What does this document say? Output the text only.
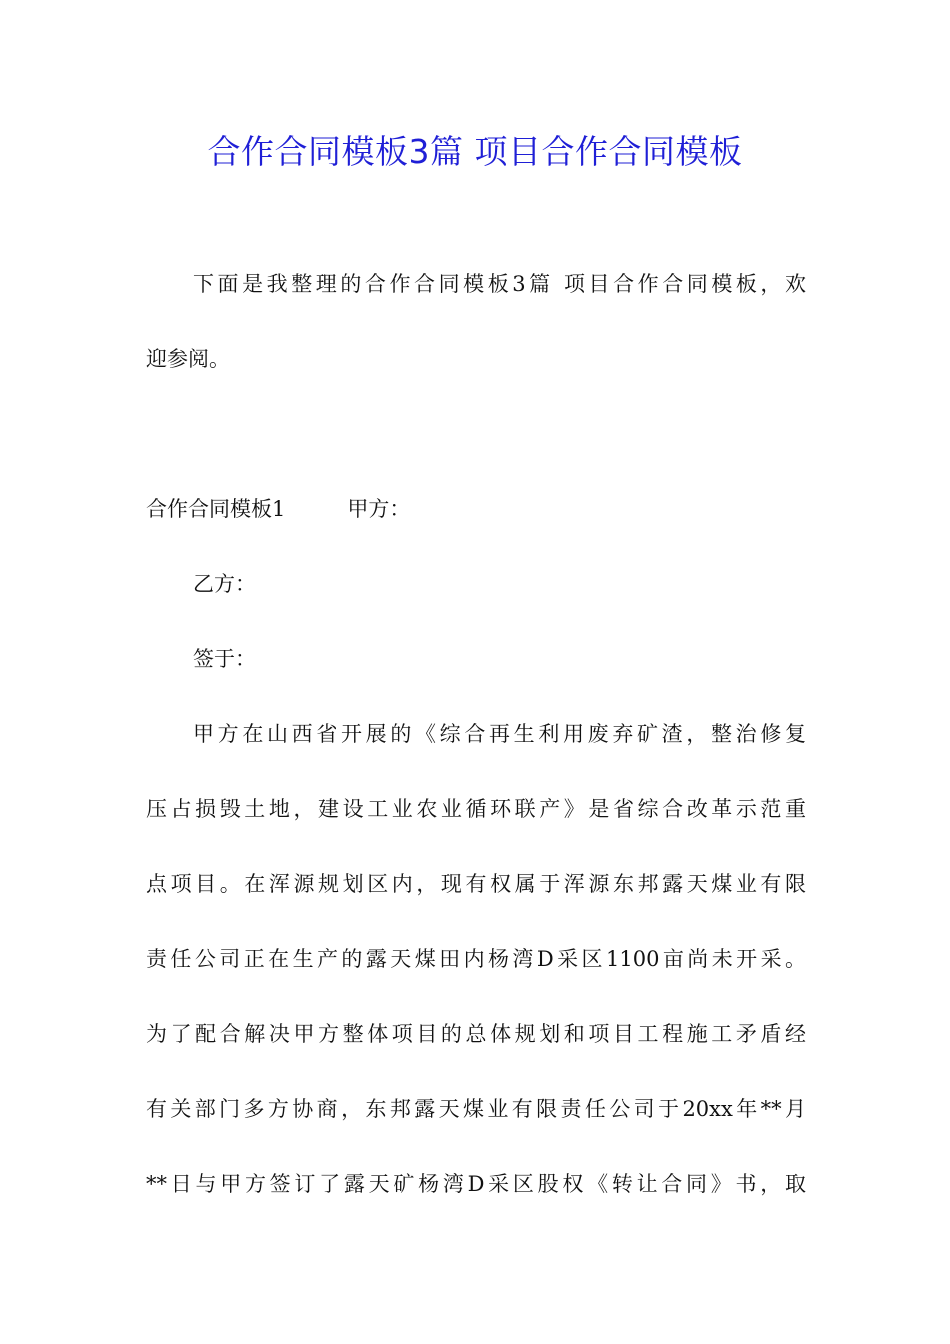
合作合同模板3篇 项目合作合同模板
下面是我整理的合作合同模板3篇 项目合作合同模板，欢
迎参阅。
合作合同模板1	甲方：
乙方：
签于：
甲方在山西省开展的《综合再生利用废弃矿渣，整治修复
压占损毁土地，建设工业农业循环联产》是省综合改革示范重
点项目。在浑源规划区内，现有权属于浑源东邦露天煤业有限
责任公司正在生产的露天煤田内杨湾D采区1100亩尚未开采。
为了配合解决甲方整体项目的总体规划和项目工程施工矛盾经
有关部门多方协商，东邦露天煤业有限责任公司于20xx年**月
**日与甲方签订了露天矿杨湾D采区股权《转让合同》书，取
